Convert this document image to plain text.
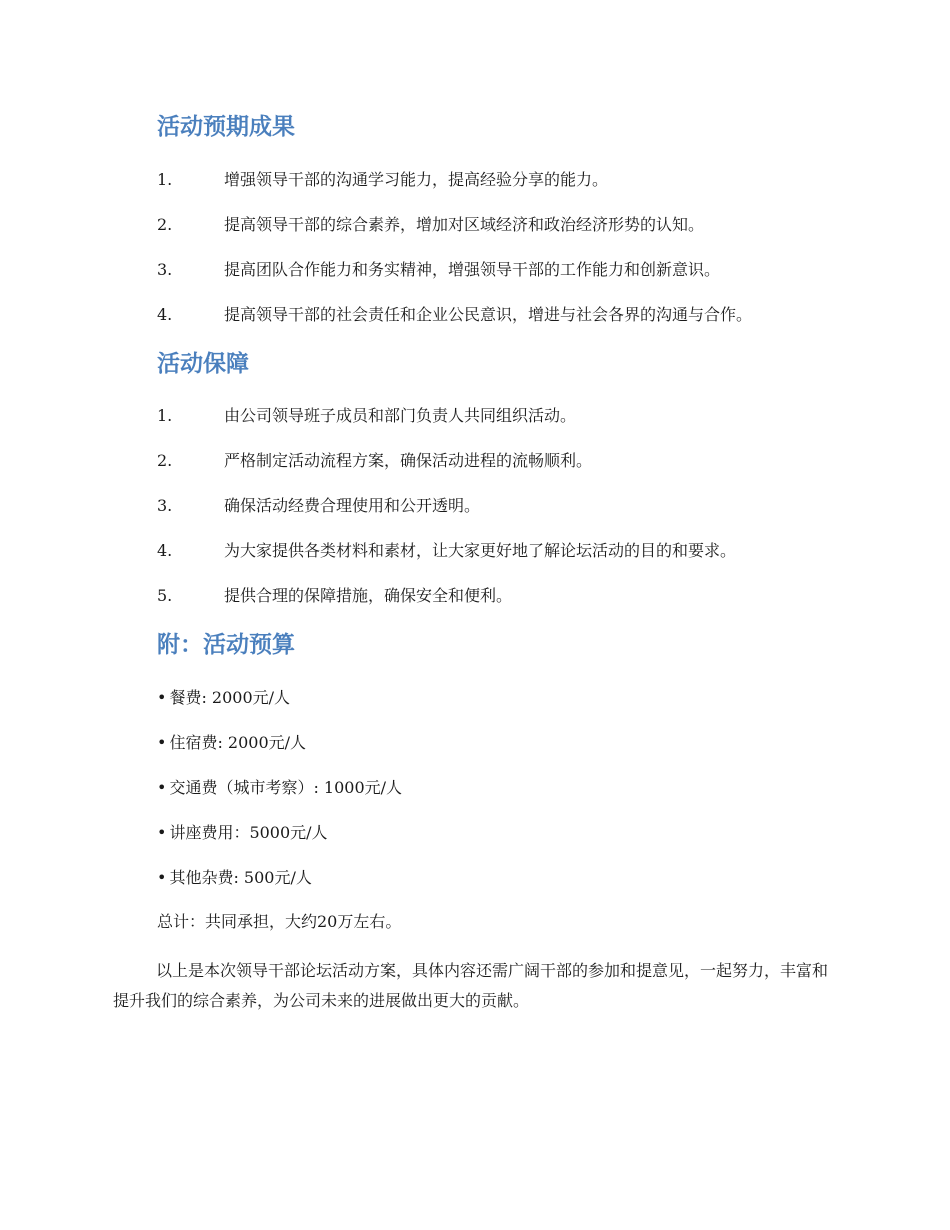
活动预期成果
1.	增强领导干部的沟通学习能力，提高经验分享的能力。
2.	提高领导干部的综合素养，增加对区域经济和政治经济形势的认知。
3.	提高团队合作能力和务实精神，增强领导干部的工作能力和创新意识。
4.	提高领导干部的社会责任和企业公民意识，增进与社会各界的沟通与合作。
活动保障
1.	由公司领导班子成员和部门负责人共同组织活动。
2.	严格制定活动流程方案，确保活动进程的流畅顺利。
3.	确保活动经费合理使用和公开透明。
4.	为大家提供各类材料和素材，让大家更好地了解论坛活动的目的和要求。
5.	提供合理的保障措施，确保安全和便利。
附：活动预算
• 餐费: 2000元/人
• 住宿费: 2000元/人
• 交通费（城市考察）: 1000元/人
• 讲座费用：5000元/人
• 其他杂费: 500元/人
总计：共同承担，大约20万左右。

以上是本次领导干部论坛活动方案，具体内容还需广阔干部的参加和提意见，一起努力，丰富和提升我们的综合素养，为公司未来的进展做出更大的贡献。
